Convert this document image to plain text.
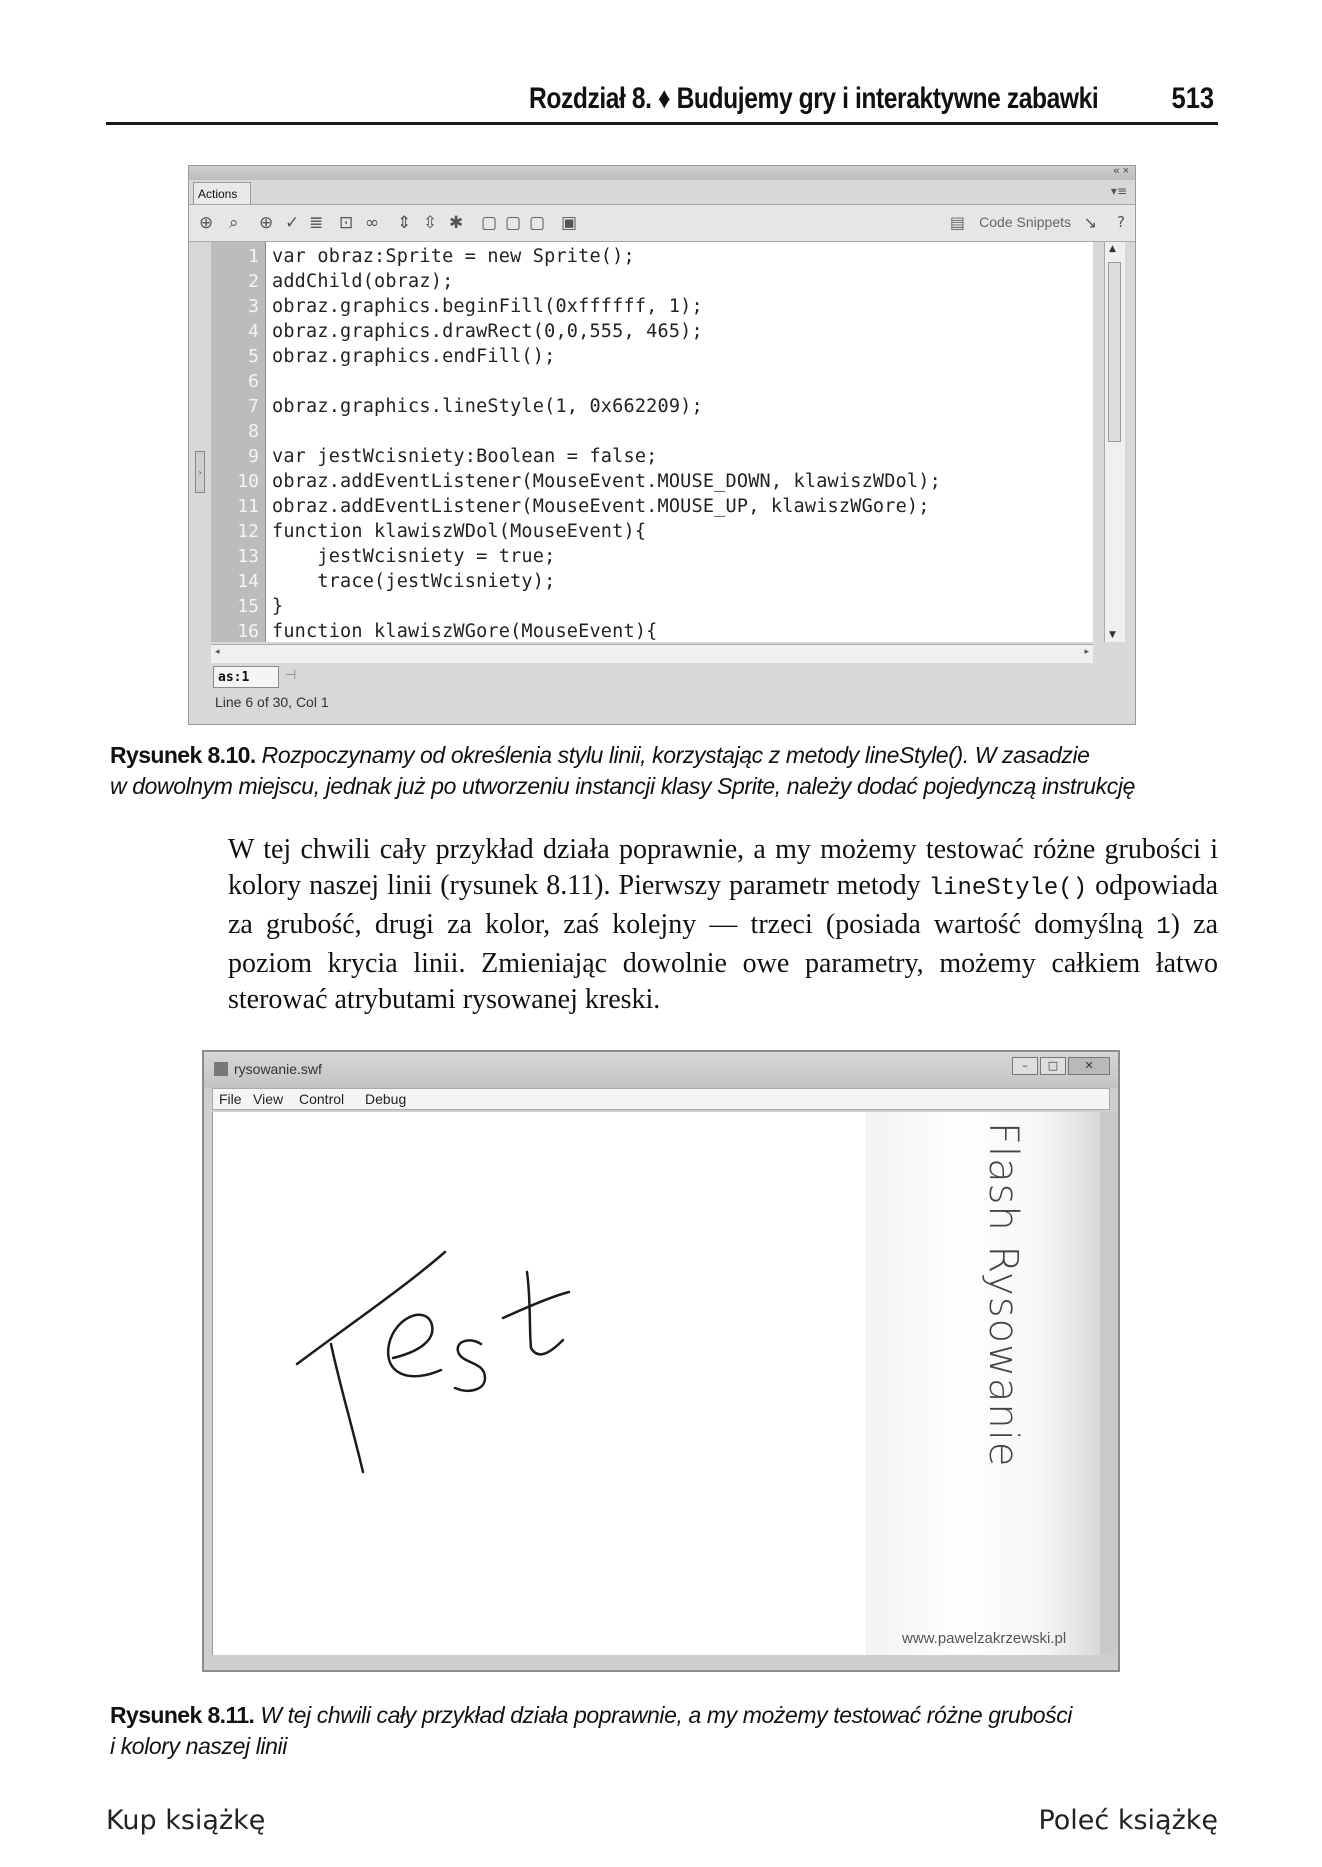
Rozdział 8. ♦ Budujemy gry i interaktywne zabawki 513
« ×
Actions	▾≡
⊕ ⌕ ⊕ ✓ ≣ ⊡ ∞ ⇕ ⇳ ✱ ▢ ▢ ▢ ▣	▤ Code Snippets ↘ ?
›
1
2
3
4
5
6
7
8
9
10
11
12
13
14
15
16
var obraz:Sprite = new Sprite();
addChild(obraz);
obraz.graphics.beginFill(0xffffff, 1);
obraz.graphics.drawRect(0,0,555, 465);
obraz.graphics.endFill();
obraz.graphics.lineStyle(1, 0x662209);
var jestWcisniety:Boolean = false;
obraz.addEventListener(MouseEvent.MOUSE_DOWN, klawiszWDol);
obraz.addEventListener(MouseEvent.MOUSE_UP, klawiszWGore);
function klawiszWDol(MouseEvent){
jestWcisniety = true;
trace(jestWcisniety);
}
function klawiszWGore(MouseEvent){
▲
▼
◂	▸
as:1	⊣
Line 6 of 30, Col 1
Rysunek 8.10. Rozpoczynamy od określenia stylu linii, korzystając z metody lineStyle(). W zasadzie
w dowolnym miejscu, jednak już po utworzeniu instancji klasy Sprite, należy dodać pojedynczą instrukcję
W tej chwili cały przykład działa poprawnie, a my możemy testować różne grubości i kolory naszej linii (rysunek 8.11). Pierwszy parametr metody lineStyle() odpowiada za grubość, drugi za kolor, zaś kolejny — trzeci (posiada wartość domyślną 1) za poziom krycia linii. Zmieniając dowolnie owe parametry, możemy całkiem łatwo sterować atrybutami rysowanej kreski.
rysowanie.swf	– □ ✕
File View Control Debug
Flash Rysowanie
www.pawelzakrzewski.pl
Rysunek 8.11. W tej chwili cały przykład działa poprawnie, a my możemy testować różne grubości
i kolory naszej linii
Kup książkę	Poleć książkę
